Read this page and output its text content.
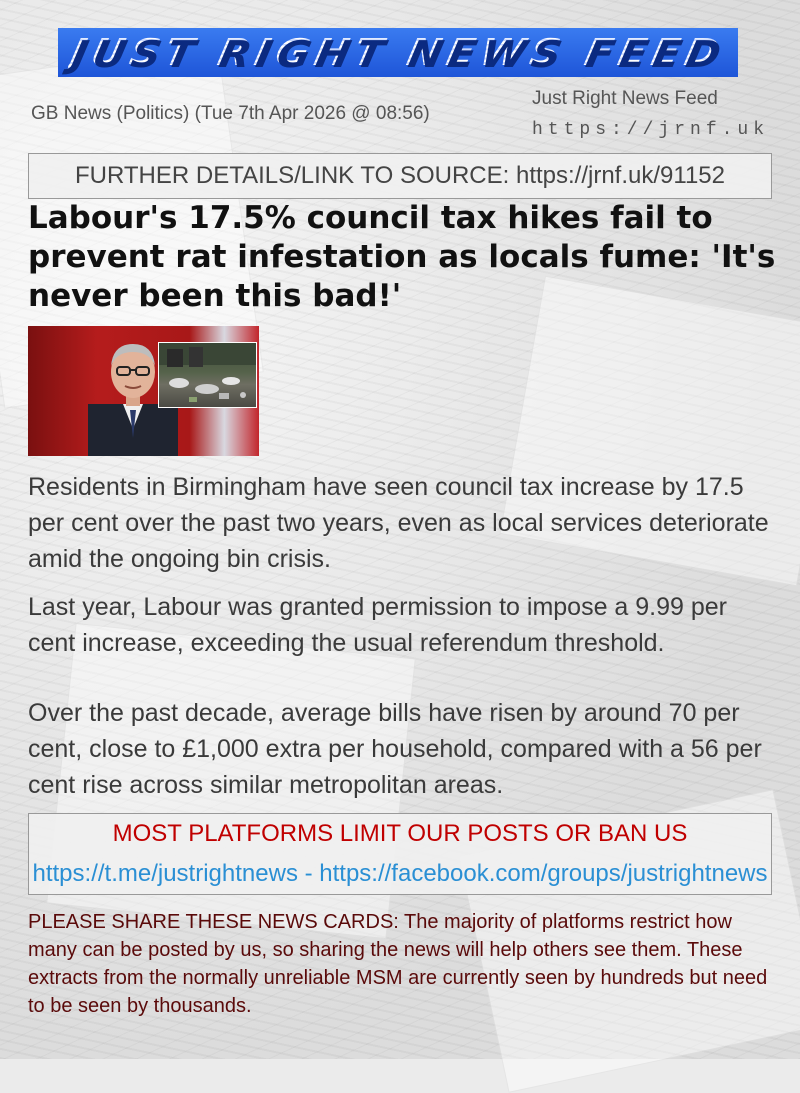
JUST RIGHT NEWS FEED
GB News (Politics) (Tue 7th Apr 2026 @ 08:56)
Just Right News Feed
https://jrnf.uk
FURTHER DETAILS/LINK TO SOURCE: https://jrnf.uk/91152
Labour's 17.5% council tax hikes fail to prevent rat infestation as locals fume: 'It's never been this bad!'

Residents in Birmingham have seen council tax increase by 17.5 per cent over the past two years, even as local services deteriorate amid the ongoing bin crisis.

Last year, Labour was granted permission to impose a 9.99 per cent increase, exceeding the usual referendum threshold.

Over the past decade, average bills have risen by around 70 per cent, close to £1,000 extra per household, compared with a 56 per cent rise across similar metropolitan areas.

MOST PLATFORMS LIMIT OUR POSTS OR BAN US
https://t.me/justrightnews - https://facebook.com/groups/justrightnews

PLEASE SHARE THESE NEWS CARDS: The majority of platforms restrict how many can be posted by us, so sharing the news will help others see them. These extracts from the normally unreliable MSM are currently seen by hundreds but need to be seen by thousands.
